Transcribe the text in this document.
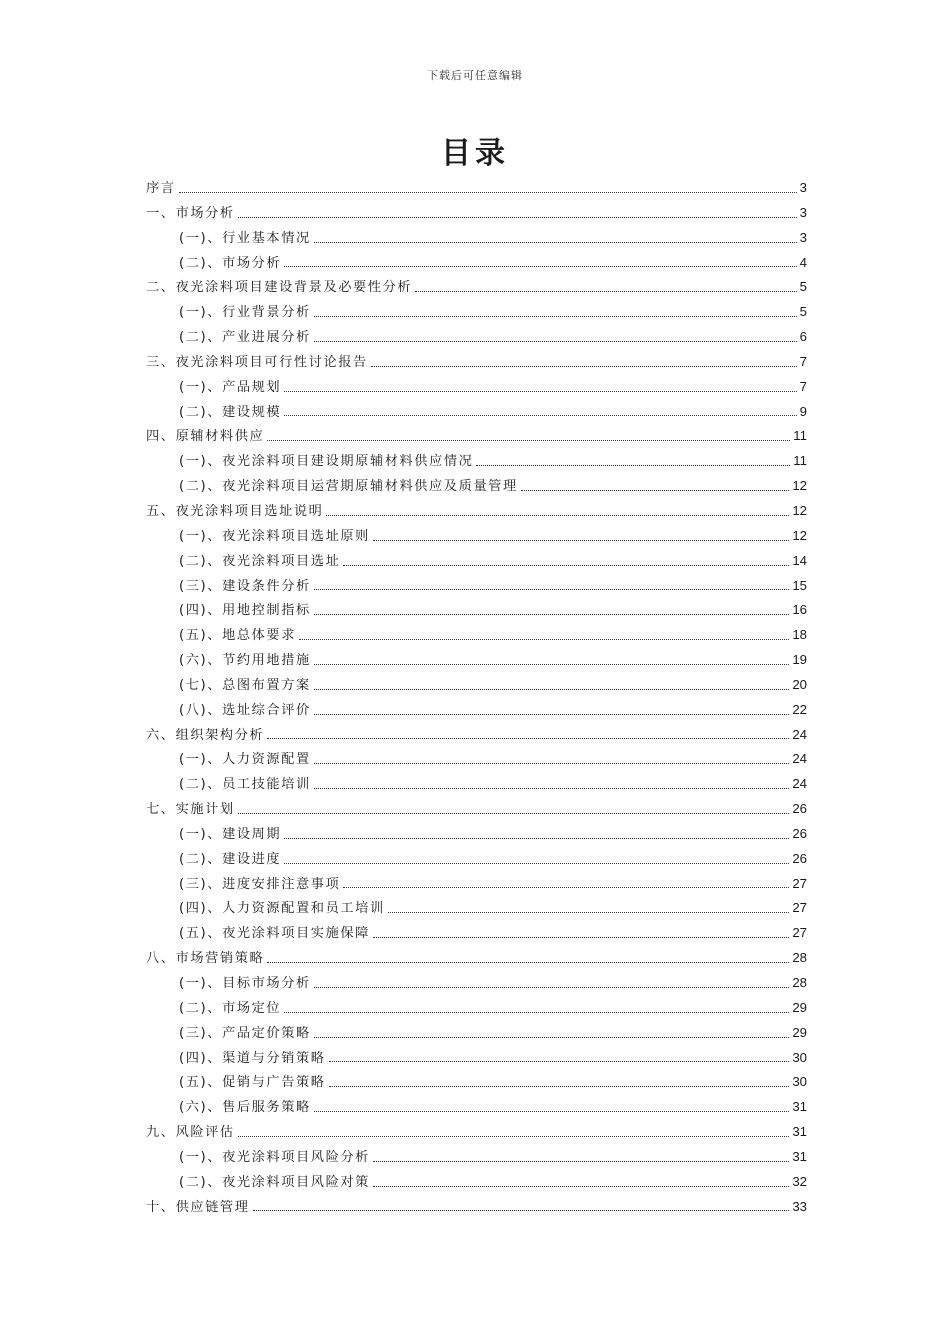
下载后可任意编辑
目录
序言	3
一、市场分析	3
(一)、行业基本情况	3
(二)、市场分析	4
二、夜光涂料项目建设背景及必要性分析	5
(一)、行业背景分析	5
(二)、产业进展分析	6
三、夜光涂料项目可行性讨论报告	7
(一)、产品规划	7
(二)、建设规模	9
四、原辅材料供应	11
(一)、夜光涂料项目建设期原辅材料供应情况	11
(二)、夜光涂料项目运营期原辅材料供应及质量管理	12
五、夜光涂料项目选址说明	12
(一)、夜光涂料项目选址原则	12
(二)、夜光涂料项目选址	14
(三)、建设条件分析	15
(四)、用地控制指标	16
(五)、地总体要求	18
(六)、节约用地措施	19
(七)、总图布置方案	20
(八)、选址综合评价	22
六、组织架构分析	24
(一)、人力资源配置	24
(二)、员工技能培训	24
七、实施计划	26
(一)、建设周期	26
(二)、建设进度	26
(三)、进度安排注意事项	27
(四)、人力资源配置和员工培训	27
(五)、夜光涂料项目实施保障	27
八、市场营销策略	28
(一)、目标市场分析	28
(二)、市场定位	29
(三)、产品定价策略	29
(四)、渠道与分销策略	30
(五)、促销与广告策略	30
(六)、售后服务策略	31
九、风险评估	31
(一)、夜光涂料项目风险分析	31
(二)、夜光涂料项目风险对策	32
十、供应链管理	33
